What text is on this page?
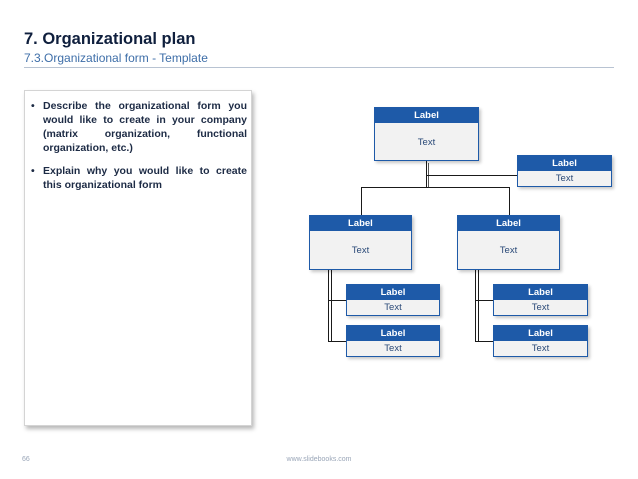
7. Organizational plan
7.3.Organizational form - Template
• Describe the organizational form you would like to create in your company (matrix organization, functional organization, etc.)
• Explain why you would like to create this organizational form
Label
Text
Label
Text
Label
Text
Label
Text
Label
Text
Label
Text
Label
Text
Label
Text
66	www.slidebooks.com
